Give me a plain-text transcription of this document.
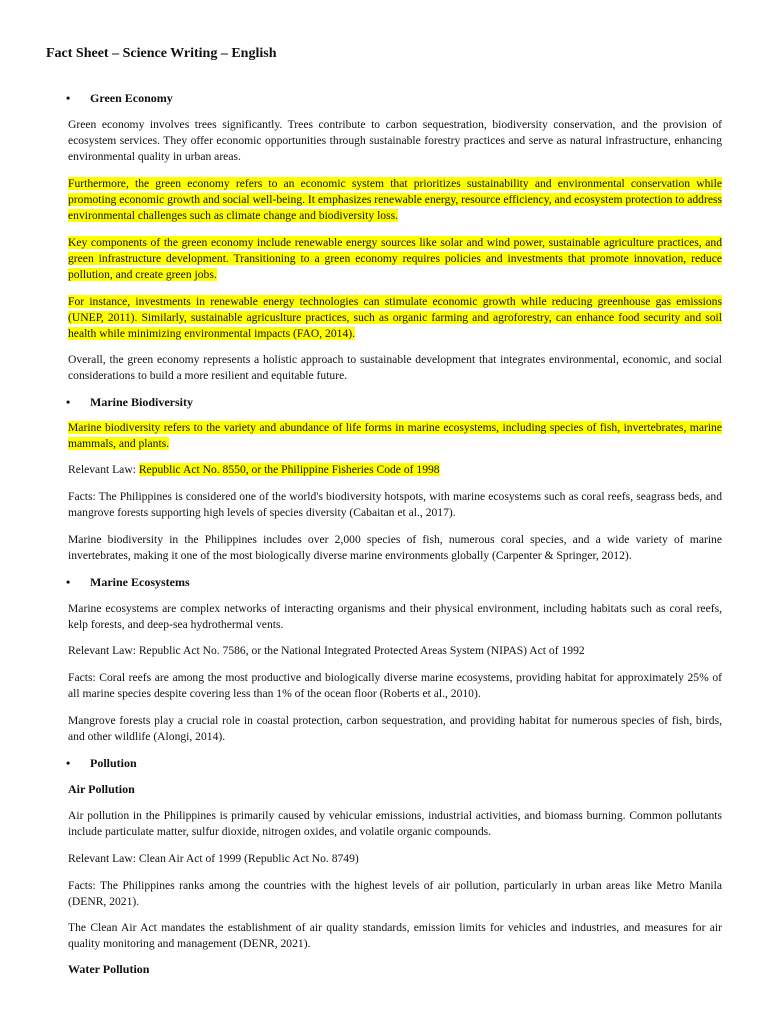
Fact Sheet – Science Writing – English
• Green Economy

Green economy involves trees significantly. Trees contribute to carbon sequestration, biodiversity conservation, and the provision of ecosystem services. They offer economic opportunities through sustainable forestry practices and serve as natural infrastructure, enhancing environmental quality in urban areas.

Furthermore, the green economy refers to an economic system that prioritizes sustainability and environmental conservation while promoting economic growth and social well-being. It emphasizes renewable energy, resource efficiency, and ecosystem protection to address environmental challenges such as climate change and biodiversity loss.

Key components of the green economy include renewable energy sources like solar and wind power, sustainable agriculture practices, and green infrastructure development. Transitioning to a green economy requires policies and investments that promote innovation, reduce pollution, and create green jobs.

For instance, investments in renewable energy technologies can stimulate economic growth while reducing greenhouse gas emissions (UNEP, 2011). Similarly, sustainable agricuslture practices, such as organic farming and agroforestry, can enhance food security and soil health while minimizing environmental impacts (FAO, 2014).

Overall, the green economy represents a holistic approach to sustainable development that integrates environmental, economic, and social considerations to build a more resilient and equitable future.

• Marine Biodiversity

Marine biodiversity refers to the variety and abundance of life forms in marine ecosystems, including species of fish, invertebrates, marine mammals, and plants.

Relevant Law: Republic Act No. 8550, or the Philippine Fisheries Code of 1998

Facts: The Philippines is considered one of the world's biodiversity hotspots, with marine ecosystems such as coral reefs, seagrass beds, and mangrove forests supporting high levels of species diversity (Cabaitan et al., 2017).

Marine biodiversity in the Philippines includes over 2,000 species of fish, numerous coral species, and a wide variety of marine invertebrates, making it one of the most biologically diverse marine environments globally (Carpenter & Springer, 2012).

• Marine Ecosystems

Marine ecosystems are complex networks of interacting organisms and their physical environment, including habitats such as coral reefs, kelp forests, and deep-sea hydrothermal vents.

Relevant Law: Republic Act No. 7586, or the National Integrated Protected Areas System (NIPAS) Act of 1992

Facts: Coral reefs are among the most productive and biologically diverse marine ecosystems, providing habitat for approximately 25% of all marine species despite covering less than 1% of the ocean floor (Roberts et al., 2010).

Mangrove forests play a crucial role in coastal protection, carbon sequestration, and providing habitat for numerous species of fish, birds, and other wildlife (Alongi, 2014).

• Pollution
Air Pollution

Air pollution in the Philippines is primarily caused by vehicular emissions, industrial activities, and biomass burning. Common pollutants include particulate matter, sulfur dioxide, nitrogen oxides, and volatile organic compounds.

Relevant Law: Clean Air Act of 1999 (Republic Act No. 8749)

Facts: The Philippines ranks among the countries with the highest levels of air pollution, particularly in urban areas like Metro Manila (DENR, 2021).

The Clean Air Act mandates the establishment of air quality standards, emission limits for vehicles and industries, and measures for air quality monitoring and management (DENR, 2021).

Water Pollution
